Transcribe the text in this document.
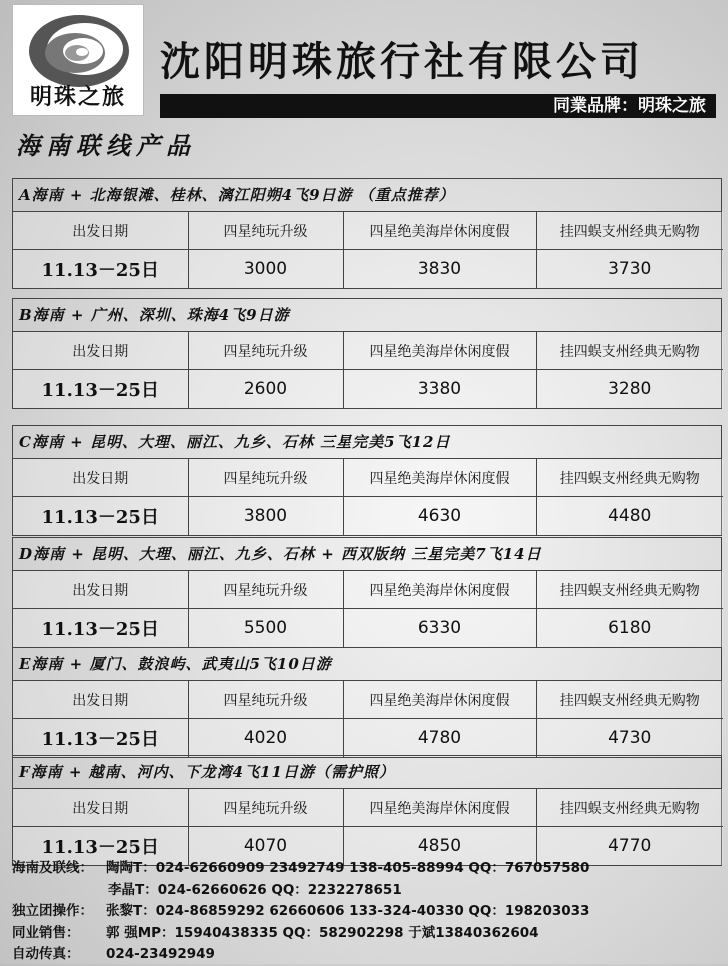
明珠之旅
沈阳明珠旅行社有限公司
同業品牌：明珠之旅
海南联线产品
A海南 + 北海银滩、桂林、漓江阳朔4飞9日游 （重点推荐）
出发日期	四星纯玩升级	四星绝美海岸休闲度假	挂四蜈支州经典无购物
11.13－25日	3000	3830	3730
B海南 + 广州、深圳、珠海4飞9日游
出发日期	四星纯玩升级	四星绝美海岸休闲度假	挂四蜈支州经典无购物
11.13－25日	2600	3380	3280
C海南 + 昆明、大理、丽江、九乡、石林 三星完美5飞12日
出发日期	四星纯玩升级	四星绝美海岸休闲度假	挂四蜈支州经典无购物
11.13－25日	3800	4630	4480
D海南 + 昆明、大理、丽江、九乡、石林 + 西双版纳 三星完美7飞14日
出发日期	四星纯玩升级	四星绝美海岸休闲度假	挂四蜈支州经典无购物
11.13－25日	5500	6330	6180
E海南 + 厦门、鼓浪屿、武夷山5飞10日游
出发日期	四星纯玩升级	四星绝美海岸休闲度假	挂四蜈支州经典无购物
11.13－25日	4020	4780	4730
F海南 + 越南、河内、下龙湾4飞11日游（需护照）
出发日期	四星纯玩升级	四星绝美海岸休闲度假	挂四蜈支州经典无购物
11.13－25日	4070	4850	4770
海南及联线： 陶陶T：024-62660909 23492749 138-405-88994 QQ：767057580
李晶T：024-62660626 QQ：2232278651
独立团操作： 张黎T：024-86859292 62660606 133-324-40330 QQ：198203033
同业销售： 郭 强MP：15940438335 QQ：582902298 于斌13840362604
自动传真： 024-23492949
